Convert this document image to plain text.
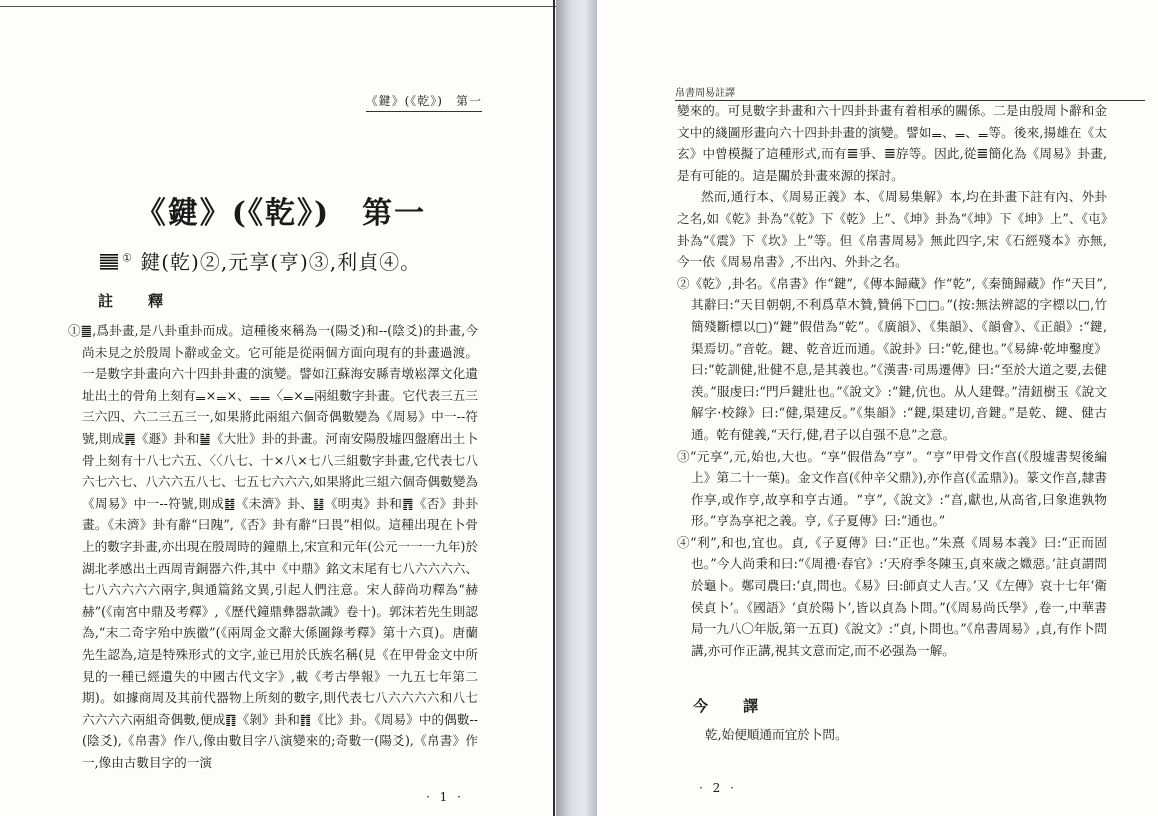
《鍵》(《乾》)　第一
《鍵》(《乾》)　第一
① 鍵(乾)②,元享(亨)③,利貞④。
註　釋

①䷀,爲卦畫,是八卦重卦而成。這種後來稱為一(陽爻)和--(陰爻)的卦畫,今尚未見之於殷周卜辭或金文。它可能是從兩個方面向現有的卦畫過渡。一是數字卦畫向六十四卦卦畫的演變。譬如江蘇海安縣青墩崧澤文化遺址出土的骨角上刻有𝍡×𝍡×、𝍡𝍡〈𝍡×𝍡兩組數字卦畫。它代表三五三三六四、六二三五三一,如果將此兩組六個奇偶數變為《周易》中一--符號,則成䷠《遯》卦和䷡《大壯》卦的卦畫。河南安陽殷墟四盤磨出土卜骨上刻有十八七六五、〈〈八七、十×八×七八三組數字卦畫,它代表七八六七六七、八六六五八七、七五七六六六,如果將此三組六個奇偶數變為《周易》中一--符號,則成䷾《未濟》卦、䷣《明夷》卦和䷋《否》卦卦畫。《未濟》卦有辭“曰隗”,《否》卦有辭“曰畏”相似。這種出現在卜骨上的數字卦畫,亦出現在殷周時的鐘鼎上,宋宣和元年(公元一一一九年)於湖北孝感出土西周青銅器六件,其中《中鼎》銘文末尾有七八六六六六、七八六六六六兩字,與通篇銘文異,引起人們注意。宋人薛尚功釋為“赫赫”(《南宮中鼎及考釋》,《歷代鐘鼎彝器款識》卷十)。郭沫若先生則認為,“末二奇字殆中族徽”(《兩周金文辭大係圖錄考釋》第十六頁)。唐蘭先生認為,這是特殊形式的文字,並已用於氏族名稱(見《在甲骨金文中所見的一種已經遺失的中國古代文字》,載《考古學報》一九五七年第二期)。如據商周及其前代器物上所刻的數字,則代表七八六六六六和八七六六六六兩組奇偶數,便成䷖《剝》卦和䷇《比》卦。《周易》中的偶數--(陰爻),《帛書》作八,像由數目字八演變來的;奇數一(陽爻),《帛書》作一,像由古數目字的一演

· 1 ·
帛書周易註譯

變來的。可見數字卦畫和六十四卦卦畫有着相承的關係。二是由殷周卜辭和金文中的綫圖形畫向六十四卦卦畫的演變。譬如𝍡、𝍡、𝍡等。後來,揚雄在《太玄》中曾模擬了這種形式,而有𝌆爭、𝌆斿等。因此,從𝌆簡化為《周易》卦畫,是有可能的。這是關於卦畫來源的探討。

然而,通行本、《周易正義》本、《周易集解》本,均在卦畫下註有內、外卦之名,如《乾》卦為“《乾》下《乾》上”、《坤》卦為“《坤》下《坤》上”、《屯》卦為“《震》下《坎》上”等。但《帛書周易》無此四字,宋《石經殘本》亦無,今一依《周易帛書》,不出內、外卦之名。

②《乾》,卦名。《帛書》作“鍵”,《傳本歸藏》作“乾”,《秦簡歸藏》作“天目”,其辭曰:“天目朝朝,不利爲草木贊,贊偁下□□。”(按:無法辨認的字標以□,竹簡殘斷標以□)“鍵”假借為“乾”。《廣韻》、《集韻》、《韻會》、《正韻》:“鍵,渠焉切。”音乾。鍵、乾音近而通。《說卦》曰:“乾,健也。”《易緯·乾坤鑿度》曰:“乾訓健,壯健不息,是其義也。”《漢書·司馬遷傳》曰:“至於大道之要,去健羡。”服虔曰:“門戶鍵壯也。”《說文》:“鍵,伉也。从人建聲。”清鈕樹玉《說文解字·校錄》曰:“健,渠建反。”《集韻》:“鍵,渠建切,音鍵。”是乾、鍵、健古通。乾有健義,“天行,健,君子以自强不息”之意。

③“元享”,元,始也,大也。“享”假借為“亨”。“亨”甲骨文作亯(《殷墟書契後編上》第二十一葉)。金文作亯(《仲辛父鼎》),亦作亯(《孟鼎》)。篆文作亯,隸書作享,或作亨,故享和亨古通。“亨”,《說文》:“亯,獻也,从高省,曰象進孰物形。”亨為享祀之義。亨,《子夏傳》曰:“通也。”

④“利”,和也,宜也。貞,《子夏傳》曰:“正也。”朱熹《周易本義》曰:“正而固也。”今人尚秉和曰:“《周禮·春官》:‘天府季冬陳玉,貞來歲之媺惡。’註貞謂問於龜卜。鄭司農曰:‘貞,問也。《易》曰:師貞丈人吉。’又《左傳》哀十七年‘衛侯貞卜’。《國語》‘貞於陽卜’,皆以貞為卜問。”(《周易尚氏學》,卷一,中華書局一九八〇年版,第一五頁)《說文》:“貞,卜問也。”《帛書周易》,貞,有作卜問講,亦可作正講,視其文意而定,而不必强為一解。

今　譯
乾,始便順通而宜於卜問。
· 2 ·
